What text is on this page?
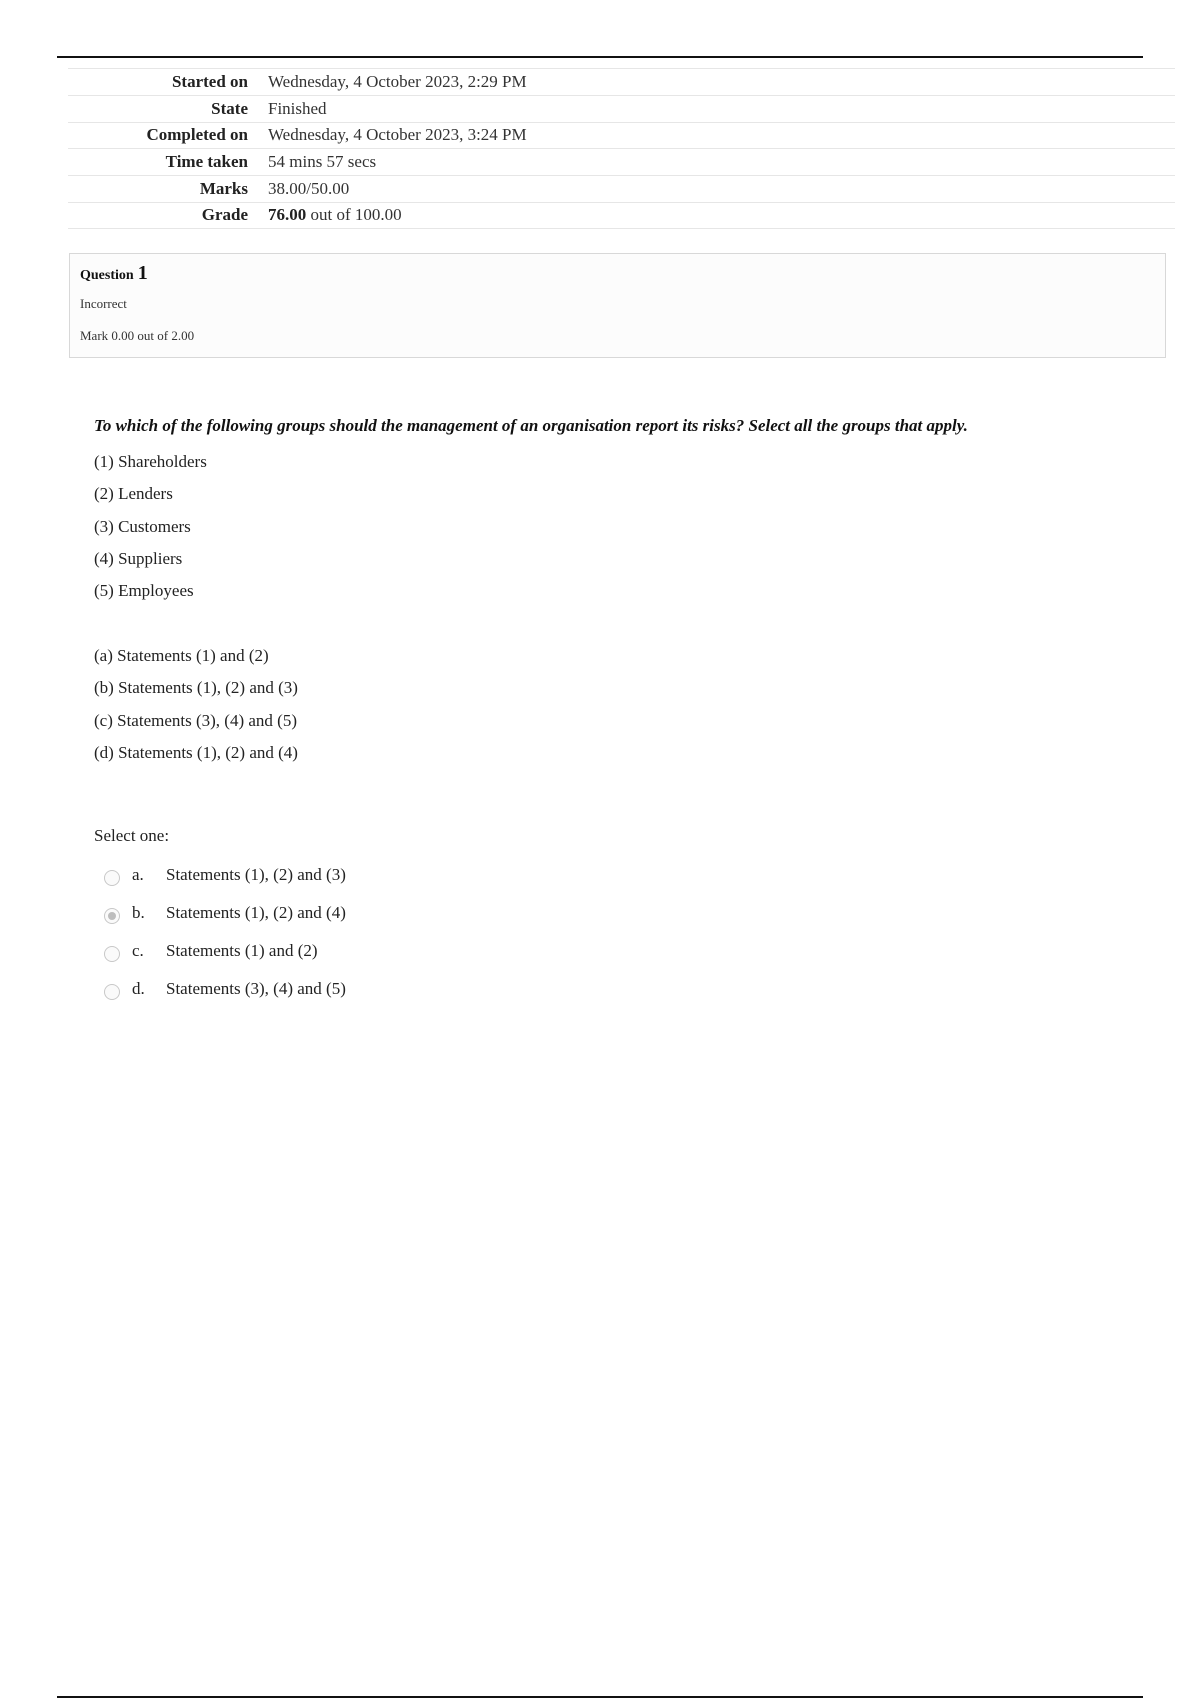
Started on Wednesday, 4 October 2023, 2:29 PM
State Finished
Completed on Wednesday, 4 October 2023, 3:24 PM
Time taken 54 mins 57 secs
Marks 38.00/50.00
Grade 76.00 out of 100.00
Question 1
Incorrect
Mark 0.00 out of 2.00
To which of the following groups should the management of an organisation report its risks? Select all the groups that apply.
(1) Shareholders
(2) Lenders
(3) Customers
(4) Suppliers
(5) Employees
(a) Statements (1) and (2)
(b) Statements (1), (2) and (3)
(c) Statements (3), (4) and (5)
(d) Statements (1), (2) and (4)
Select one:
a.	Statements (1), (2) and (3)
b.	Statements (1), (2) and (4)
c.	Statements (1) and (2)
d.	Statements (3), (4) and (5)
